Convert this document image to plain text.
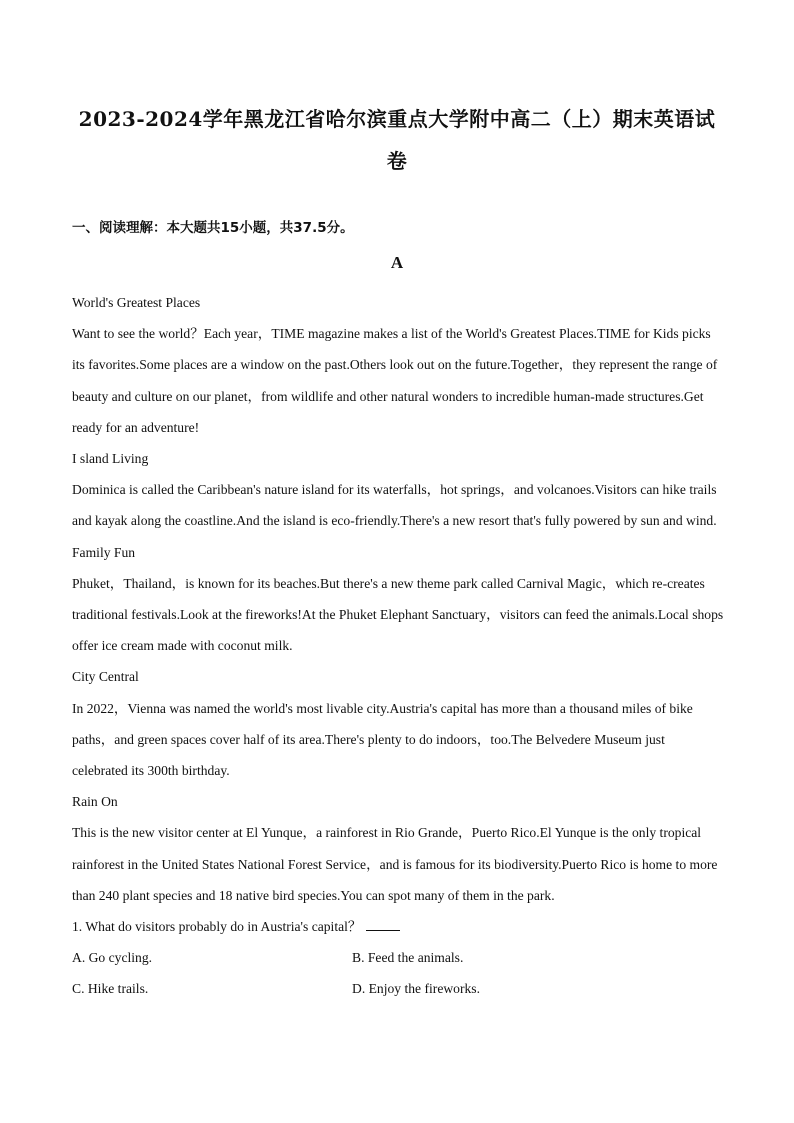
2023-2024学年黑龙江省哈尔滨重点大学附中高二（上）期末英语试
卷
一、阅读理解：本大题共15小题，共37.5分。
A

World's Greatest Places

Want to see the world？Each year，TIME magazine makes a list of the World's Greatest Places.TIME for Kids picks its favorites.Some places are a window on the past.Others look out on the future.Together，they represent the range of beauty and culture on our planet，from wildlife and other natural wonders to incredible human-made structures.Get ready for an adventure!

I sland Living

Dominica is called the Caribbean's nature island for its waterfalls，hot springs，and volcanoes.Visitors can hike trails and kayak along the coastline.And the island is eco-friendly.There's a new resort that's fully powered by sun and wind.

Family Fun

Phuket，Thailand，is known for its beaches.But there's a new theme park called Carnival Magic，which re-creates traditional festivals.Look at the fireworks!At the Phuket Elephant Sanctuary，visitors can feed the animals.Local shops offer ice cream made with coconut milk.

City Central

In 2022，Vienna was named the world's most livable city.Austria's capital has more than a thousand miles of bike paths，and green spaces cover half of its area.There's plenty to do indoors，too.The Belvedere Museum just celebrated its 300th birthday.

Rain On

This is the new visitor center at El Yunque，a rainforest in Rio Grande，Puerto Rico.El Yunque is the only tropical rainforest in the United States National Forest Service，and is famous for its biodiversity.Puerto Rico is home to more than 240 plant species and 18 native bird species.You can spot many of them in the park.

1. What do visitors probably do in Austria's capital？

A. Go cycling.	B. Feed the animals.
C. Hike trails.	D. Enjoy the fireworks.
